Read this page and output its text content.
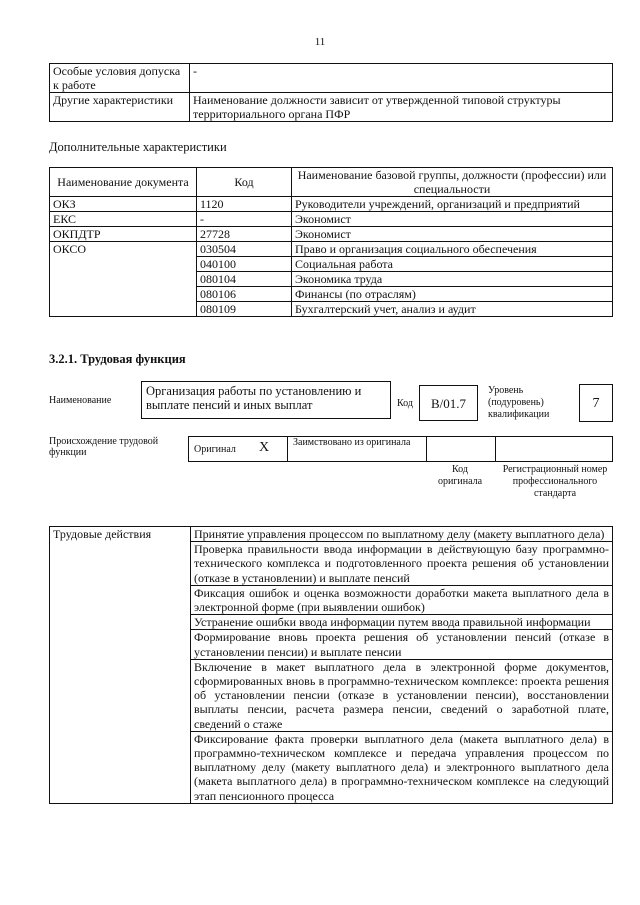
11
Особые условия допуска к работе	-
Другие характеристики	Наименование должности зависит от утвержденной типовой структуры территориального органа ПФР
Дополнительные характеристики
Наименование документа	Код	Наименование базовой группы, должности (профессии) или специальности
ОКЗ	1120	Руководители учреждений, организаций и предприятий
ЕКС	-	Экономист
ОКПДТР	27728	Экономист
ОКСО	030504	Право и организация социального обеспечения
	040100	Социальная работа
	080104	Экономика труда
	080106	Финансы (по отраслям)
	080109	Бухгалтерский учет, анализ и аудит
3.2.1. Трудовая функция
Наименование
Организация работы по установлению и выплате пенсий и иных выплат	Код	B/01.7
Уровень (подуровень) квалификации
7
Происхождение трудовой функции	Оригинал X Заимствовано из оригинала
Код оригинала
Регистрационный номер профессионального стандарта
Трудовые действия	Принятие управления процессом по выплатному делу (макету выплатного дела)
Проверка правильности ввода информации в действующую базу программно-технического комплекса и подготовленного проекта решения об установлении (отказе в установлении) и выплате пенсий
Фиксация ошибок и оценка возможности доработки макета выплатного дела в электронной форме (при выявлении ошибок)
Устранение ошибки ввода информации путем ввода правильной информации
Формирование вновь проекта решения об установлении пенсий (отказе в установлении пенсии) и выплате пенсии
Включение в макет выплатного дела в электронной форме документов, сформированных вновь в программно-техническом комплексе: проекта решения об установлении пенсии (отказе в установлении пенсии), восстановлении выплаты пенсии, расчета размера пенсии, сведений о заработной плате, сведений о стаже
Фиксирование факта проверки выплатного дела (макета выплатного дела) в программно-техническом комплексе и передача управления процессом по выплатному делу (макету выплатного дела) и электронного выплатного дела (макета выплатного дела) в программно-техническом комплексе на следующий этап пенсионного процесса
